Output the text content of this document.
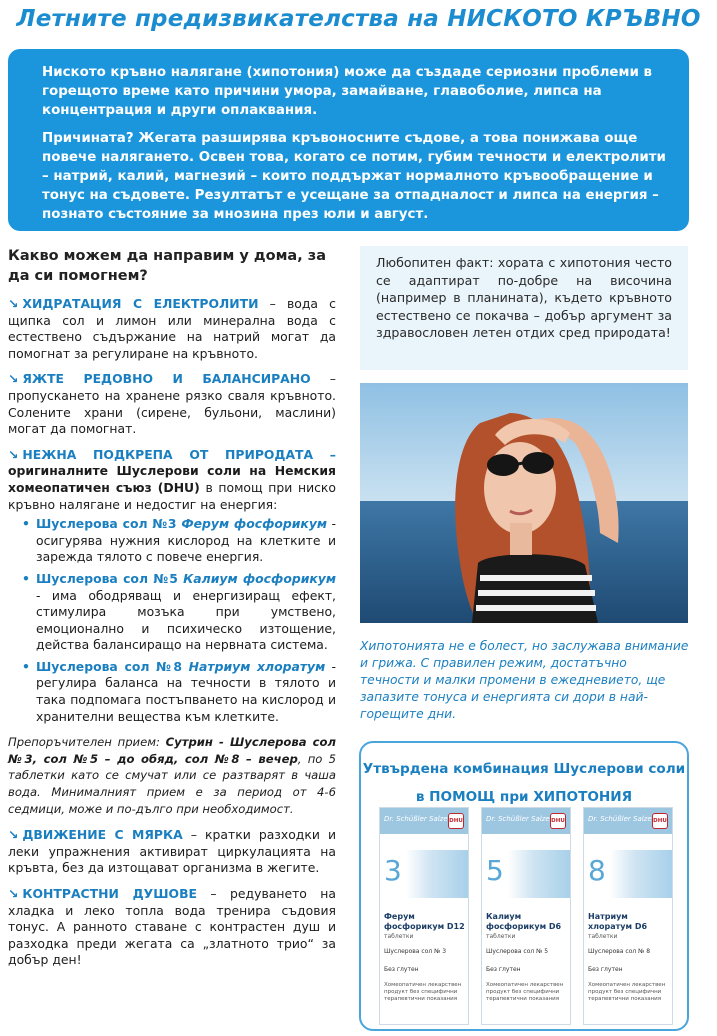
Летните предизвикателства на НИСКОТО КРЪВНО

Ниското кръвно налягане (хипотония) може да създаде сериозни проблеми в горещото време като причини умора, замайване, главоболие, липса на концентрация и други оплаквания.

Причината? Жегата разширява кръвоносните съдове, а това понижава още повече налягането. Освен това, когато се потим, губим течности и електролити – натрий, калий, магнезий – които поддържат нормалното кръвообращение и тонус на съдовете. Резултатът е усещане за отпадналост и липса на енергия – познато състояние за мнозина през юли и август.

Какво можем да направим у дома, за да си помогнем?
↘ ХИДРАТАЦИЯ С ЕЛЕКТРОЛИТИ – вода с щипка сол и лимон или минерална вода с естествено съдържание на натрий могат да помогнат за регулиране на кръвното.
↘ ЯЖТЕ РЕДОВНО И БАЛАНСИРАНО – пропускането на хранене рязко сваля кръвното. Солените храни (сирене, бульони, маслини) могат да помогнат.
↘ НЕЖНА ПОДКРЕПА ОТ ПРИРОДАТА – оригиналните Шуслерови соли на Немския хомеопатичен съюз (DHU) в помощ при ниско кръвно налягане и недостиг на енергия:
• Шуслерова сол №3 Ферум фосфорикум - осигурява нужния кислород на клетките и зарежда тялото с повече енергия.
• Шуслерова сол №5 Калиум фосфорикум - има ободряващ и енергизиращ ефект, стимулира мозъка при умствено, емоционално и психическо изтощение, действа балансиращо на нервната система.
• Шуслерова сол №8 Натриум хлоратум - регулира баланса на течности в тялото и така подпомага постъпването на кислород и хранителни вещества към клетките.
Препоръчителен прием: Сутрин - Шуслерова сол №3, сол №5 – до обяд, сол №8 – вечер, по 5 таблетки като се смучат или се разтварят в чаша вода. Минималният прием е за период от 4-6 седмици, може и по-дълго при необходимост.
↘ ДВИЖЕНИЕ С МЯРКА – кратки разходки и леки упражнения активират циркулацията на кръвта, без да изтощават организма в жегите.
↘ КОНТРАСТНИ ДУШОВЕ – редуването на хладка и леко топла вода тренира съдовия тонус. А ранното ставане с контрастен душ и разходка преди жегата са „златното трио“ за добър ден!
Любопитен факт: хората с хипотония често се адаптират по-добре на височина (например в планината), където кръвното естествено се покачва – добър аргумент за здравословен летен отдих сред природата!
Хипотонията не е болест, но заслужава внимание и грижа. С правилен режим, достатъчно течности и малки промени в ежедневието, ще запазите тонуса и енергията си дори в най-горещите дни.
Утвърдена комбинация Шуслерови соли
в ПОМОЩ при ХИПОТОНИЯ
Dr. Schüßler Salze DHU
3
Ферум фосфорикум D12
таблетки
Шуслерова сол № 3
Без глутен
Хомеопатичен лекарствен продукт без специфични терапевтични показания
Dr. Schüßler Salze DHU
5
Калиум фосфорикум D6
таблетки
Шуслерова сол № 5
Без глутен
Хомеопатичен лекарствен продукт без специфични терапевтични показания
Dr. Schüßler Salze DHU
8
Натриум хлоратум D6
таблетки
Шуслерова сол № 8
Без глутен
Хомеопатичен лекарствен продукт без специфични терапевтични показания
